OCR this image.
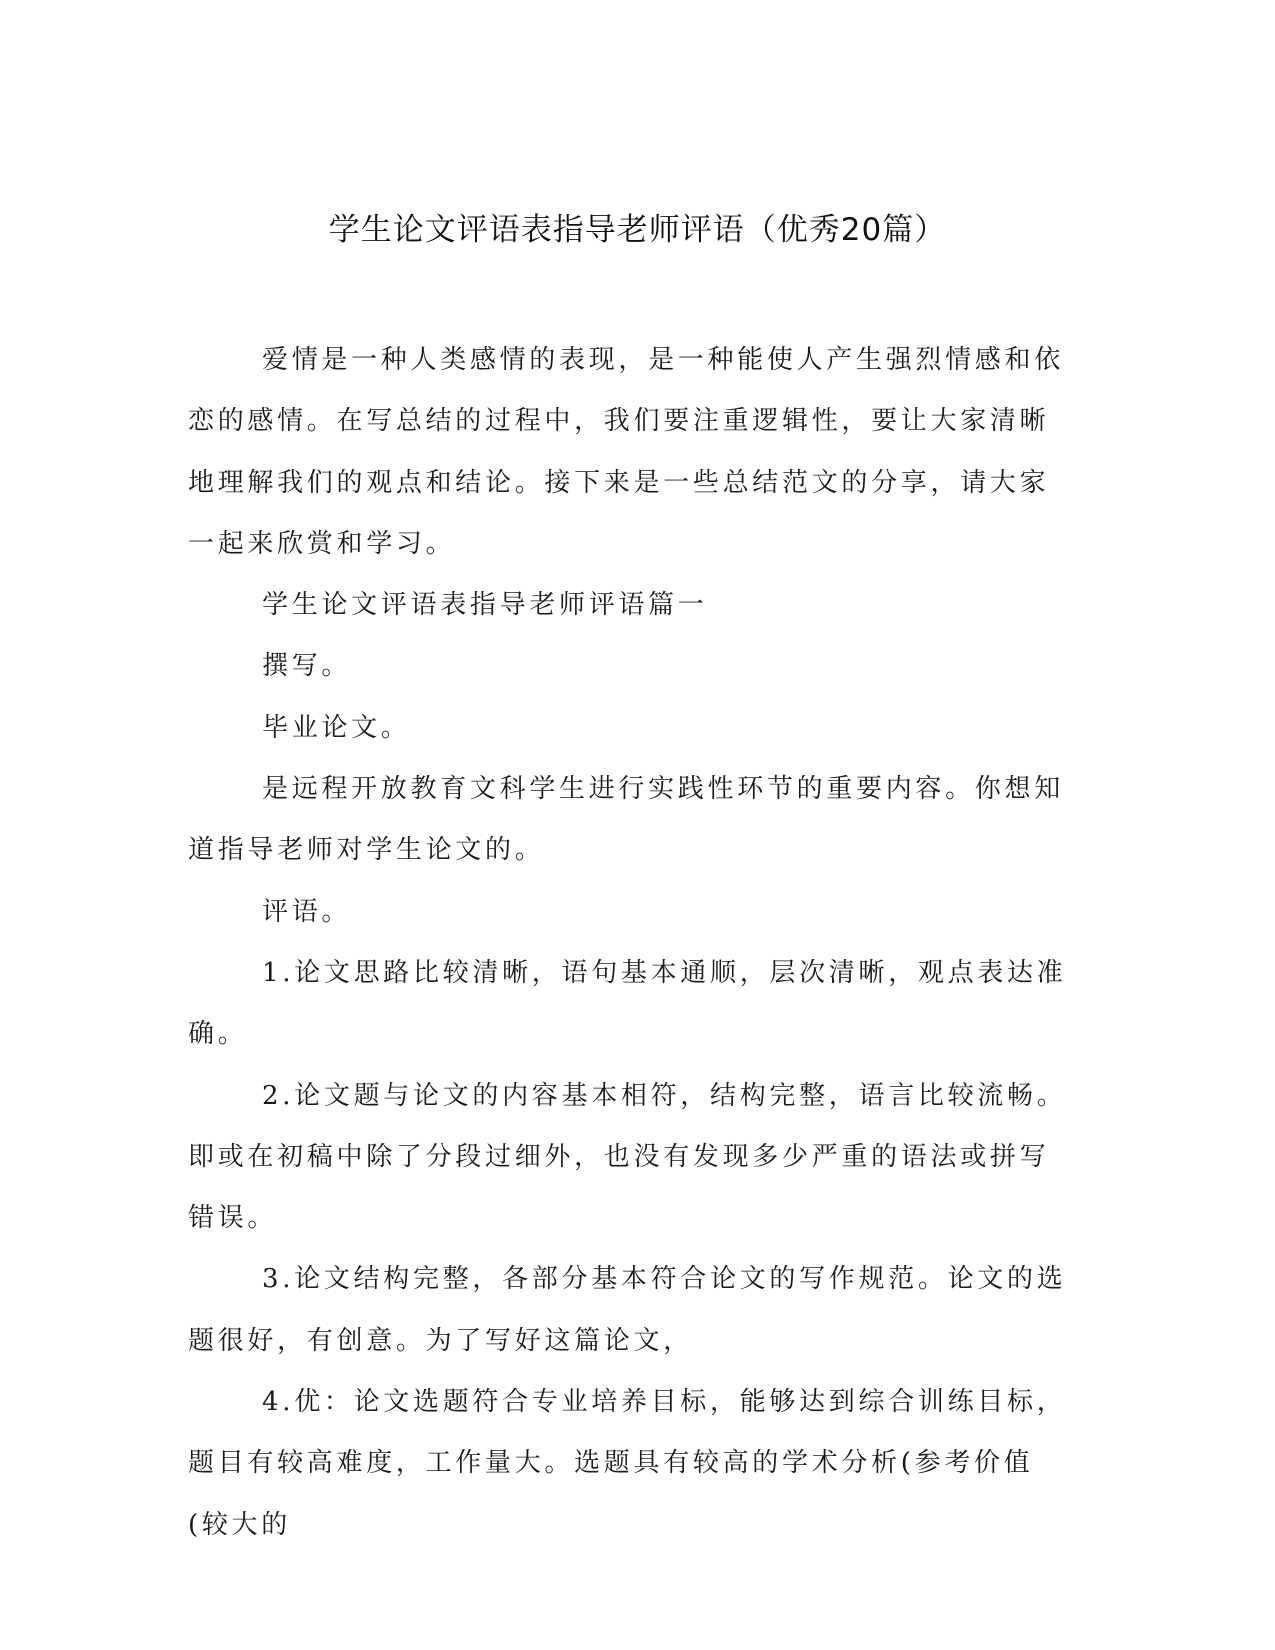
学生论文评语表指导老师评语（优秀20篇）

爱情是一种人类感情的表现，是一种能使人产生强烈情感和依恋的感情。在写总结的过程中，我们要注重逻辑性，要让大家清晰地理解我们的观点和结论。接下来是一些总结范文的分享，请大家一起来欣赏和学习。

学生论文评语表指导老师评语篇一

撰写。

毕业论文。

是远程开放教育文科学生进行实践性环节的重要内容。你想知道指导老师对学生论文的。

评语。

1.论文思路比较清晰，语句基本通顺，层次清晰，观点表达准确。

2.论文题与论文的内容基本相符，结构完整，语言比较流畅。即或在初稿中除了分段过细外，也没有发现多少严重的语法或拼写错误。

3.论文结构完整，各部分基本符合论文的写作规范。论文的选题很好，有创意。为了写好这篇论文，

4.优：论文选题符合专业培养目标，能够达到综合训练目标，题目有较高难度，工作量大。选题具有较高的学术分析(参考价值(较大的
